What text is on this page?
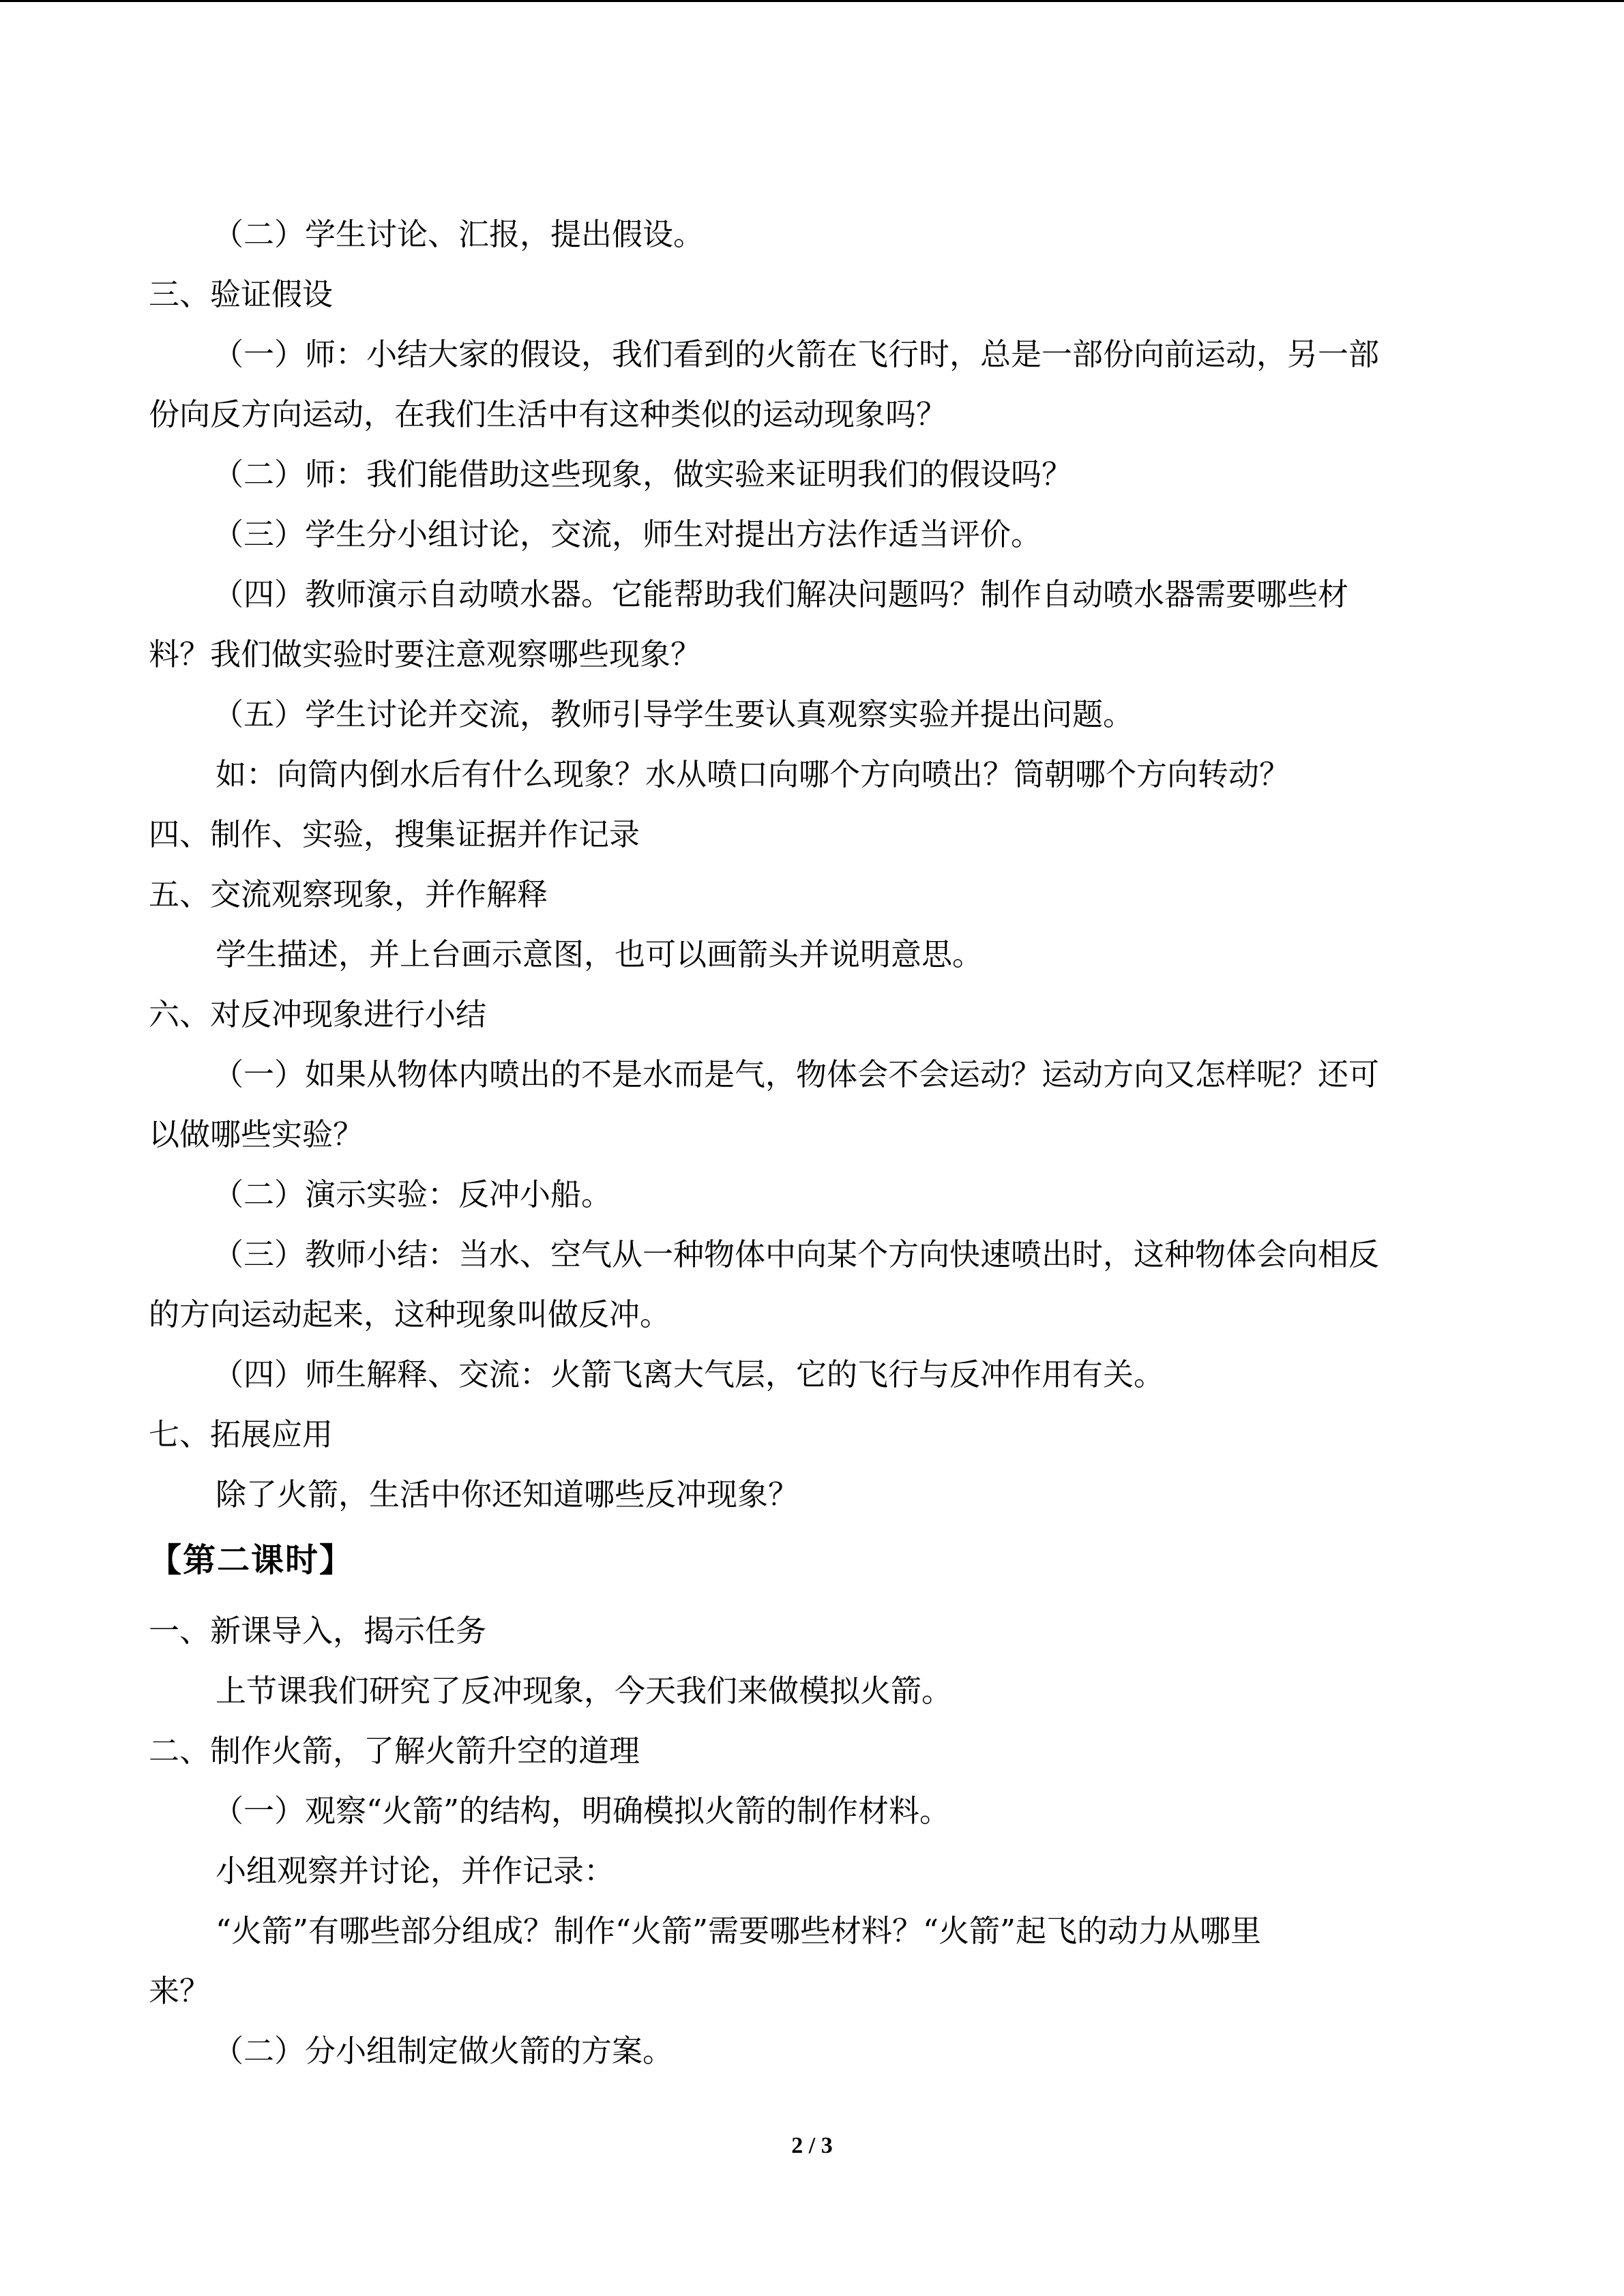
（二）学生讨论、汇报，提出假设。
三、验证假设
（一）师：小结大家的假设，我们看到的火箭在飞行时，总是一部份向前运动，另一部
份向反方向运动，在我们生活中有这种类似的运动现象吗？
（二）师：我们能借助这些现象，做实验来证明我们的假设吗？
（三）学生分小组讨论，交流，师生对提出方法作适当评价。
（四）教师演示自动喷水器。它能帮助我们解决问题吗？制作自动喷水器需要哪些材
料？我们做实验时要注意观察哪些现象？
（五）学生讨论并交流，教师引导学生要认真观察实验并提出问题。
如：向筒内倒水后有什么现象？水从喷口向哪个方向喷出？筒朝哪个方向转动？
四、制作、实验，搜集证据并作记录
五、交流观察现象，并作解释
学生描述，并上台画示意图，也可以画箭头并说明意思。
六、对反冲现象进行小结
（一）如果从物体内喷出的不是水而是气，物体会不会运动？运动方向又怎样呢？还可
以做哪些实验？
（二）演示实验：反冲小船。
（三）教师小结：当水、空气从一种物体中向某个方向快速喷出时，这种物体会向相反
的方向运动起来，这种现象叫做反冲。
（四）师生解释、交流：火箭飞离大气层，它的飞行与反冲作用有关。
七、拓展应用
除了火箭，生活中你还知道哪些反冲现象？
【第二课时】
一、新课导入，揭示任务
上节课我们研究了反冲现象，今天我们来做模拟火箭。
二、制作火箭，了解火箭升空的道理
（一）观察“火箭”的结构，明确模拟火箭的制作材料。
小组观察并讨论，并作记录：
“火箭”有哪些部分组成？制作“火箭”需要哪些材料？“火箭”起飞的动力从哪里
来？
（二）分小组制定做火箭的方案。
2 / 3
